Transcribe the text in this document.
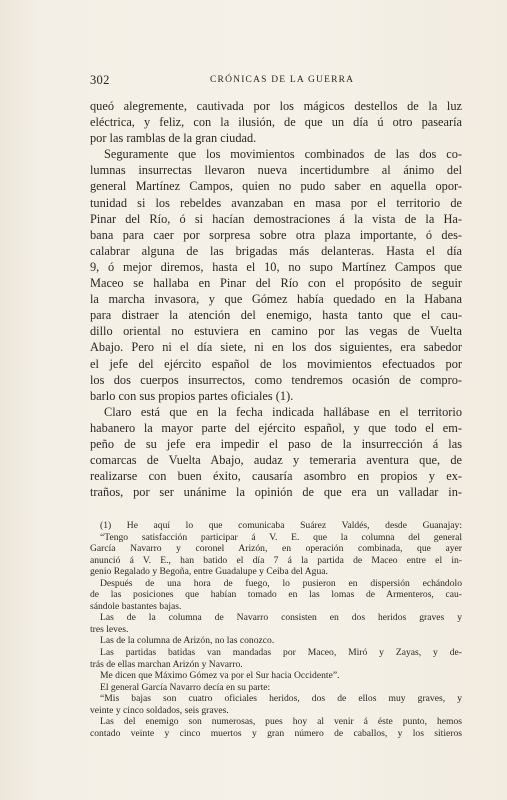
302	CRÓNICAS DE LA GUERRA

queó alegremente, cautivada por los mágicos destellos de la luz
eléctrica, y feliz, con la ilusión, de que un día ú otro pasearía
por las ramblas de la gran ciudad.
Seguramente que los movimientos combinados de las dos co-
lumnas insurrectas llevaron nueva incertidumbre al ánimo del
general Martínez Campos, quien no pudo saber en aquella opor-
tunidad si los rebeldes avanzaban en masa por el territorio de
Pinar del Río, ó si hacían demostraciones á la vista de la Ha-
bana para caer por sorpresa sobre otra plaza importante, ó des-
calabrar alguna de las brigadas más delanteras. Hasta el día
9, ó mejor diremos, hasta el 10, no supo Martínez Campos que
Maceo se hallaba en Pinar del Río con el propósito de seguir
la marcha invasora, y que Gómez había quedado en la Habana
para distraer la atención del enemigo, hasta tanto que el cau-
dillo oriental no estuviera en camino por las vegas de Vuelta
Abajo. Pero ni el día siete, ni en los dos siguientes, era sabedor
el jefe del ejército español de los movimientos efectuados por
los dos cuerpos insurrectos, como tendremos ocasión de compro-
barlo con sus propios partes oficiales (1).
Claro está que en la fecha indicada hallábase en el territorio
habanero la mayor parte del ejército español, y que todo el em-
peño de su jefe era impedir el paso de la insurrección á las
comarcas de Vuelta Abajo, audaz y temeraria aventura que, de
realizarse con buen éxito, causaría asombro en propios y ex-
traños, por ser unánime la opinión de que era un valladar in-

(1) He aquí lo que comunicaba Suárez Valdés, desde Guanajay:
“Tengo satisfacción participar á V. E. que la columna del general
García Navarro y coronel Arizón, en operación combinada, que ayer
anunció á V. E., han batido el día 7 á la partida de Maceo entre el in-
genio Regalado y Begoña, entre Guadalupe y Ceiba del Agua.
Después de una hora de fuego, lo pusieron en dispersión echándolo
de las posiciones que habían tomado en las lomas de Armenteros, cau-
sándole bastantes bajas.
Las de la columna de Navarro consisten en dos heridos graves y
tres leves.
Las de la columna de Arizón, no las conozco.
Las partidas batidas van mandadas por Maceo, Miró y Zayas, y de-
trás de ellas marchan Arizón y Navarro.
Me dicen que Máximo Gómez va por el Sur hacia Occidente”.
El general García Navarro decía en su parte:
“Mis bajas son cuatro oficiales heridos, dos de ellos muy graves, y
veinte y cinco soldados, seis graves.
Las del enemigo son numerosas, pues hoy al venir á éste punto, hemos
contado veinte y cinco muertos y gran número de caballos, y los sitieros
